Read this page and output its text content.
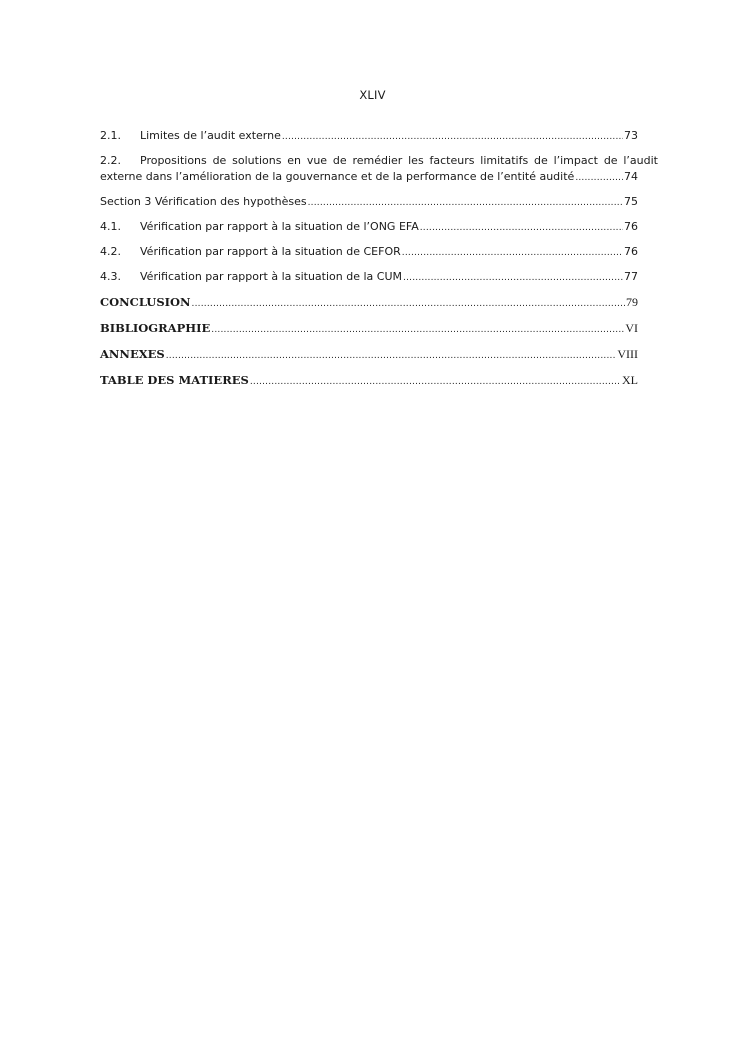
XLIV
2.1.	Limites de l’audit externe .....	73
2.2.	Propositions de solutions en vue de remédier les facteurs limitatifs de l’impact de l’audit
externe dans l’amélioration de la gouvernance et de la performance de l’entité audité .....	74
Section 3 Vérification des hypothèses .....	75
4.1.	Vérification par rapport à la situation de l’ONG EFA .....	76
4.2.	Vérification par rapport à la situation de CEFOR .....	76
4.3.	Vérification par rapport à la situation de la CUM .....	77
CONCLUSION .....	79
BIBLIOGRAPHIE .....	VI
ANNEXES .....	VIII
TABLE DES MATIERES .....	XL
